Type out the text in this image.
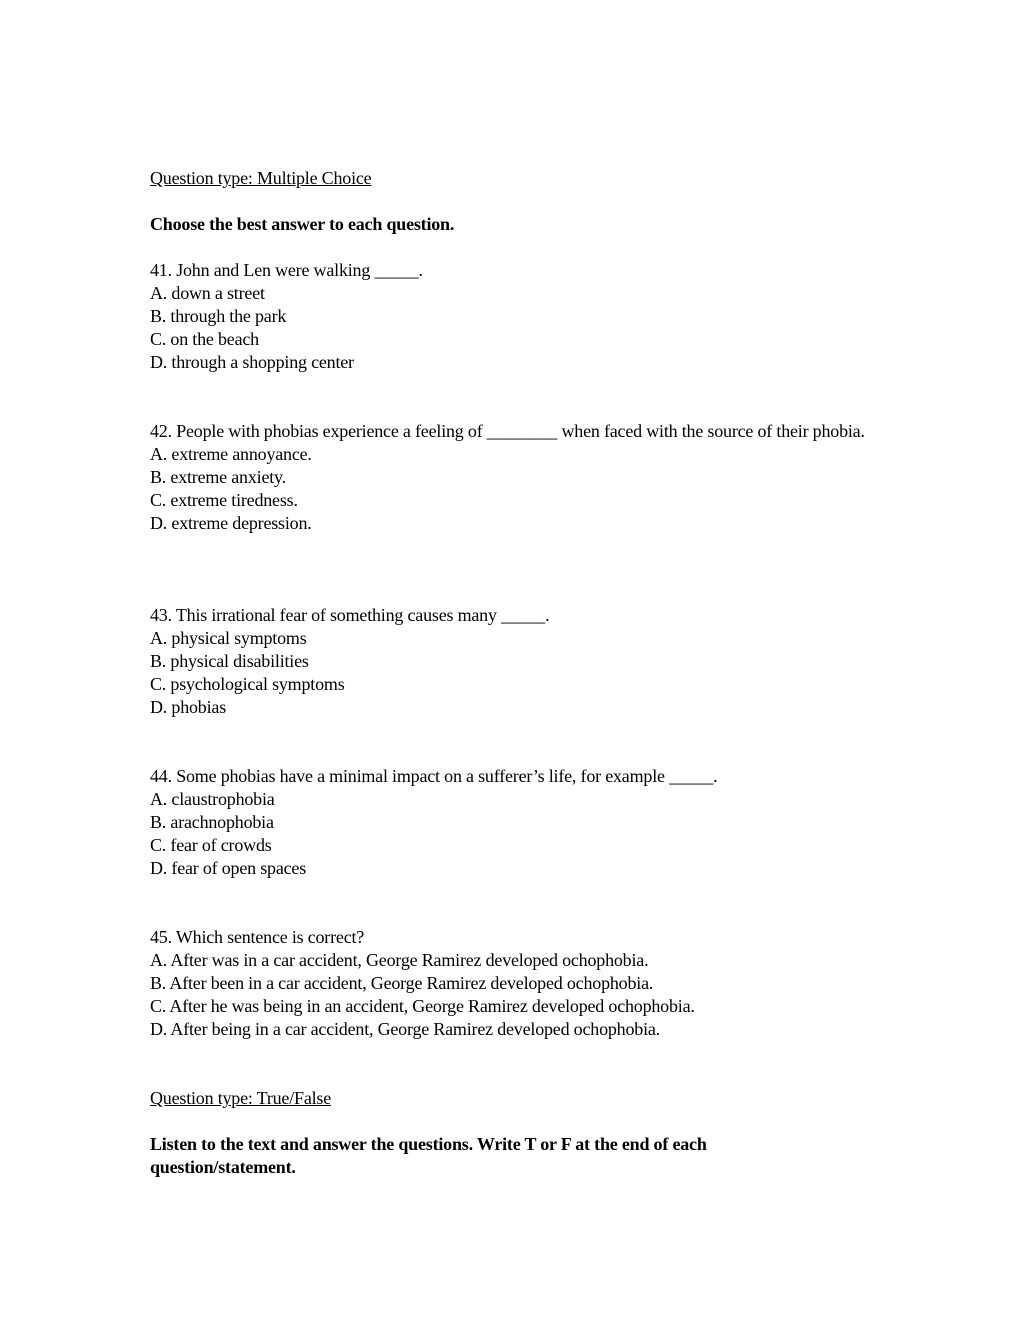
Question type: Multiple Choice
Choose the best answer to each question.
41. John and Len were walking _____.
A. down a street
B. through the park
C. on the beach
D. through a shopping center
42. People with phobias experience a feeling of ________ when faced with the source of their phobia.
A. extreme annoyance.
B. extreme anxiety.
C. extreme tiredness.
D. extreme depression.
43. This irrational fear of something causes many _____.
A. physical symptoms
B. physical disabilities
C. psychological symptoms
D. phobias
44. Some phobias have a minimal impact on a sufferer’s life, for example _____.
A. claustrophobia
B. arachnophobia
C. fear of crowds
D. fear of open spaces
45. Which sentence is correct?
A. After was in a car accident, George Ramirez developed ochophobia.
B. After been in a car accident, George Ramirez developed ochophobia.
C. After he was being in an accident, George Ramirez developed ochophobia.
D. After being in a car accident, George Ramirez developed ochophobia.
Question type: True/False
Listen to the text and answer the questions. Write T or F at the end of each question/statement.
